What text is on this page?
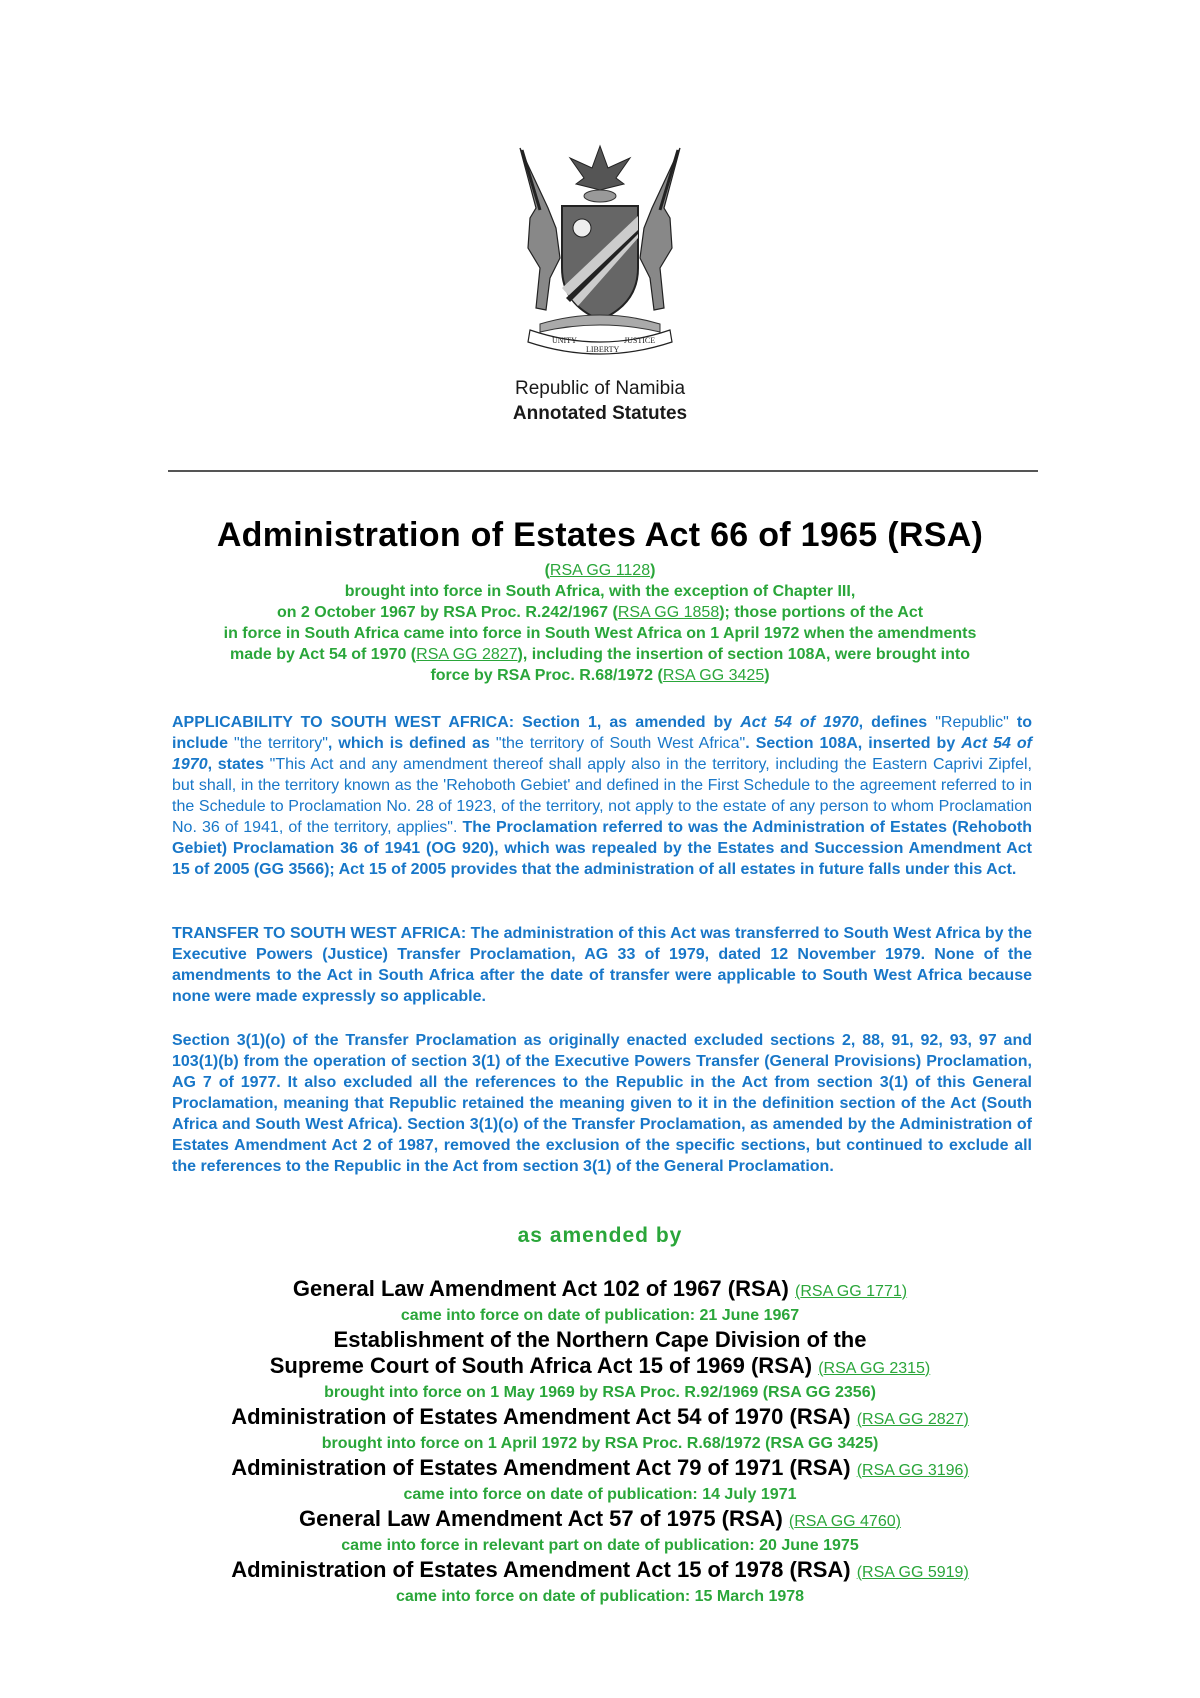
UNITY
LIBERTY
JUSTICE
Republic of Namibia
Annotated Statutes
Administration of Estates Act 66 of 1965 (RSA)
(RSA GG 1128)
brought into force in South Africa, with the exception of Chapter III,
on 2 October 1967 by RSA Proc. R.242/1967 (RSA GG 1858); those portions of the Act
in force in South Africa came into force in South West Africa on 1 April 1972 when the amendments
made by Act 54 of 1970 (RSA GG 2827), including the insertion of section 108A, were brought into
force by RSA Proc. R.68/1972 (RSA GG 3425)
APPLICABILITY TO SOUTH WEST AFRICA: Section 1, as amended by Act 54 of 1970, defines "Republic" to include "the territory", which is defined as "the territory of South West Africa". Section 108A, inserted by Act 54 of 1970, states "This Act and any amendment thereof shall apply also in the territory, including the Eastern Caprivi Zipfel, but shall, in the territory known as the 'Rehoboth Gebiet' and defined in the First Schedule to the agreement referred to in the Schedule to Proclamation No. 28 of 1923, of the territory, not apply to the estate of any person to whom Proclamation No. 36 of 1941, of the territory, applies". The Proclamation referred to was the Administration of Estates (Rehoboth Gebiet) Proclamation 36 of 1941 (OG 920), which was repealed by the Estates and Succession Amendment Act 15 of 2005 (GG 3566); Act 15 of 2005 provides that the administration of all estates in future falls under this Act.
TRANSFER TO SOUTH WEST AFRICA: The administration of this Act was transferred to South West Africa by the Executive Powers (Justice) Transfer Proclamation, AG 33 of 1979, dated 12 November 1979. None of the amendments to the Act in South Africa after the date of transfer were applicable to South West Africa because none were made expressly so applicable.
Section 3(1)(o) of the Transfer Proclamation as originally enacted excluded sections 2, 88, 91, 92, 93, 97 and 103(1)(b) from the operation of section 3(1) of the Executive Powers Transfer (General Provisions) Proclamation, AG 7 of 1977. It also excluded all the references to the Republic in the Act from section 3(1) of this General Proclamation, meaning that Republic retained the meaning given to it in the definition section of the Act (South Africa and South West Africa). Section 3(1)(o) of the Transfer Proclamation, as amended by the Administration of Estates Amendment Act 2 of 1987, removed the exclusion of the specific sections, but continued to exclude all the references to the Republic in the Act from section 3(1) of the General Proclamation.
as amended by
General Law Amendment Act 102 of 1967 (RSA) (RSA GG 1771)
came into force on date of publication: 21 June 1967
Establishment of the Northern Cape Division of the
Supreme Court of South Africa Act 15 of 1969 (RSA) (RSA GG 2315)
brought into force on 1 May 1969 by RSA Proc. R.92/1969 (RSA GG 2356)
Administration of Estates Amendment Act 54 of 1970 (RSA) (RSA GG 2827)
brought into force on 1 April 1972 by RSA Proc. R.68/1972 (RSA GG 3425)
Administration of Estates Amendment Act 79 of 1971 (RSA) (RSA GG 3196)
came into force on date of publication: 14 July 1971
General Law Amendment Act 57 of 1975 (RSA) (RSA GG 4760)
came into force in relevant part on date of publication: 20 June 1975
Administration of Estates Amendment Act 15 of 1978 (RSA) (RSA GG 5919)
came into force on date of publication: 15 March 1978
